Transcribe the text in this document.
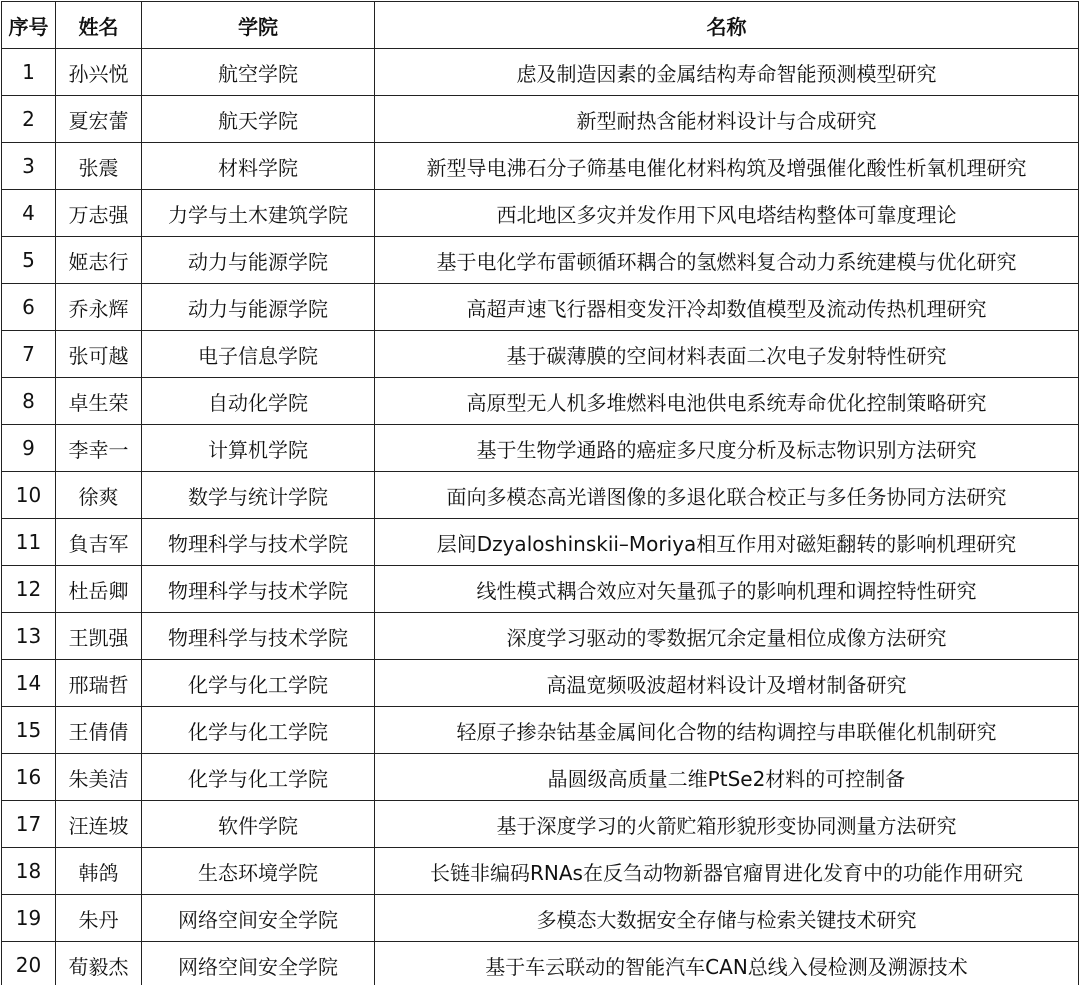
序号	姓名	学院	名称
1	孙兴悦	航空学院	虑及制造因素的金属结构寿命智能预测模型研究
2	夏宏蕾	航天学院	新型耐热含能材料设计与合成研究
3	张震	材料学院	新型导电沸石分子筛基电催化材料构筑及增强催化酸性析氧机理研究
4	万志强	力学与土木建筑学院	西北地区多灾并发作用下风电塔结构整体可靠度理论
5	姬志行	动力与能源学院	基于电化学布雷顿循环耦合的氢燃料复合动力系统建模与优化研究
6	乔永辉	动力与能源学院	高超声速飞行器相变发汗冷却数值模型及流动传热机理研究
7	张可越	电子信息学院	基于碳薄膜的空间材料表面二次电子发射特性研究
8	卓生荣	自动化学院	高原型无人机多堆燃料电池供电系统寿命优化控制策略研究
9	李幸一	计算机学院	基于生物学通路的癌症多尺度分析及标志物识别方法研究
10	徐爽	数学与统计学院	面向多模态高光谱图像的多退化联合校正与多任务协同方法研究
11	負吉军	物理科学与技术学院	层间Dzyaloshinskii–Moriya相互作用对磁矩翻转的影响机理研究
12	杜岳卿	物理科学与技术学院	线性模式耦合效应对矢量孤子的影响机理和调控特性研究
13	王凯强	物理科学与技术学院	深度学习驱动的零数据冗余定量相位成像方法研究
14	邢瑞哲	化学与化工学院	高温宽频吸波超材料设计及增材制备研究
15	王倩倩	化学与化工学院	轻原子掺杂钴基金属间化合物的结构调控与串联催化机制研究
16	朱美洁	化学与化工学院	晶圆级高质量二维PtSe2材料的可控制备
17	汪连坡	软件学院	基于深度学习的火箭贮箱形貌形变协同测量方法研究
18	韩鸽	生态环境学院	长链非编码RNAs在反刍动物新器官瘤胃进化发育中的功能作用研究
19	朱丹	网络空间安全学院	多模态大数据安全存储与检索关键技术研究
20	荀毅杰	网络空间安全学院	基于车云联动的智能汽车CAN总线入侵检测及溯源技术
